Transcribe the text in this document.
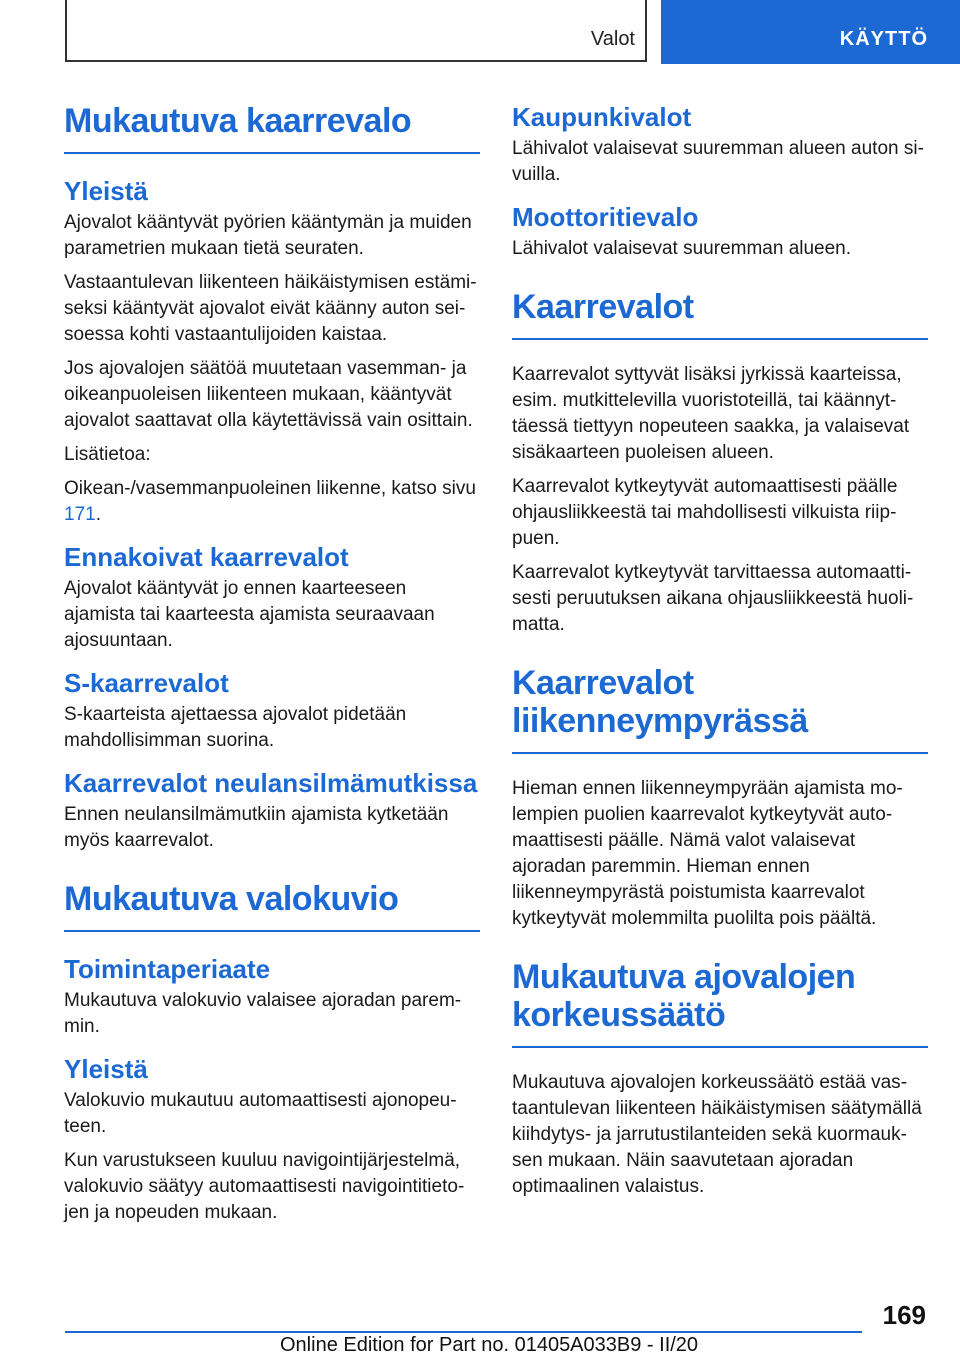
Valot	KÄYTTÖ
Mukautuva kaarrevalo
Yleistä

Ajovalot kääntyvät pyörien kääntymän ja muiden parametrien mukaan tietä seuraten.

Vastaantulevan liikenteen häikäistymisen estämiseksi kääntyvät ajovalot eivät käänny auton seisoessa kohti vastaantulijoiden kaistaa.

Jos ajovalojen säätöä muutetaan vasemman- ja oikeanpuoleisen liikenteen mukaan, kääntyvät ajovalot saattavat olla käytettävissä vain osittain.

Lisätietoa:

Oikean-/vasemmanpuoleinen liikenne, katso sivu 171.

Ennakoivat kaarrevalot

Ajovalot kääntyvät jo ennen kaarteeseen ajamista tai kaarteesta ajamista seuraavaan ajosuuntaan.

S-kaarrevalot

S-kaarteista ajettaessa ajovalot pidetään mahdollisimman suorina.

Kaarrevalot neulansilmämutkissa

Ennen neulansilmämutkiin ajamista kytketään myös kaarrevalot.

Mukautuva valokuvio
Toimintaperiaate

Mukautuva valokuvio valaisee ajoradan paremmin.

Yleistä

Valokuvio mukautuu automaattisesti ajonopeuteen.

Kun varustukseen kuuluu navigointijärjestelmä, valokuvio säätyy automaattisesti navigointitietojen ja nopeuden mukaan.

Kaupunkivalot

Lähivalot valaisevat suuremman alueen auton sivuilla.

Moottoritievalo

Lähivalot valaisevat suuremman alueen.

Kaarrevalot

Kaarrevalot syttyvät lisäksi jyrkissä kaarteissa, esim. mutkittelevilla vuoristoteillä, tai käännyttäessä tiettyyn nopeuteen saakka, ja valaisevat sisäkaarteen puoleisen alueen.

Kaarrevalot kytkeytyvät automaattisesti päälle ohjausliikkeestä tai mahdollisesti vilkuista riippuen.

Kaarrevalot kytkeytyvät tarvittaessa automaattisesti peruutuksen aikana ohjausliikkeestä huolimatta.

Kaarrevalot
liikenneympyrässä

Hieman ennen liikenneympyrään ajamista molempien puolien kaarrevalot kytkeytyvät automaattisesti päälle. Nämä valot valaisevat ajoradan paremmin. Hieman ennen liikenneympyrästä poistumista kaarrevalot kytkeytyvät molemmilta puolilta pois päältä.

Mukautuva ajovalojen
korkeussäätö

Mukautuva ajovalojen korkeussäätö estää vastaantulevan liikenteen häikäistymisen säätymällä kiihdytys- ja jarrutustilanteiden sekä kuormauksen mukaan. Näin saavutetaan ajoradan optimaalinen valaistus.

169
Online Edition for Part no. 01405A033B9 - II/20
